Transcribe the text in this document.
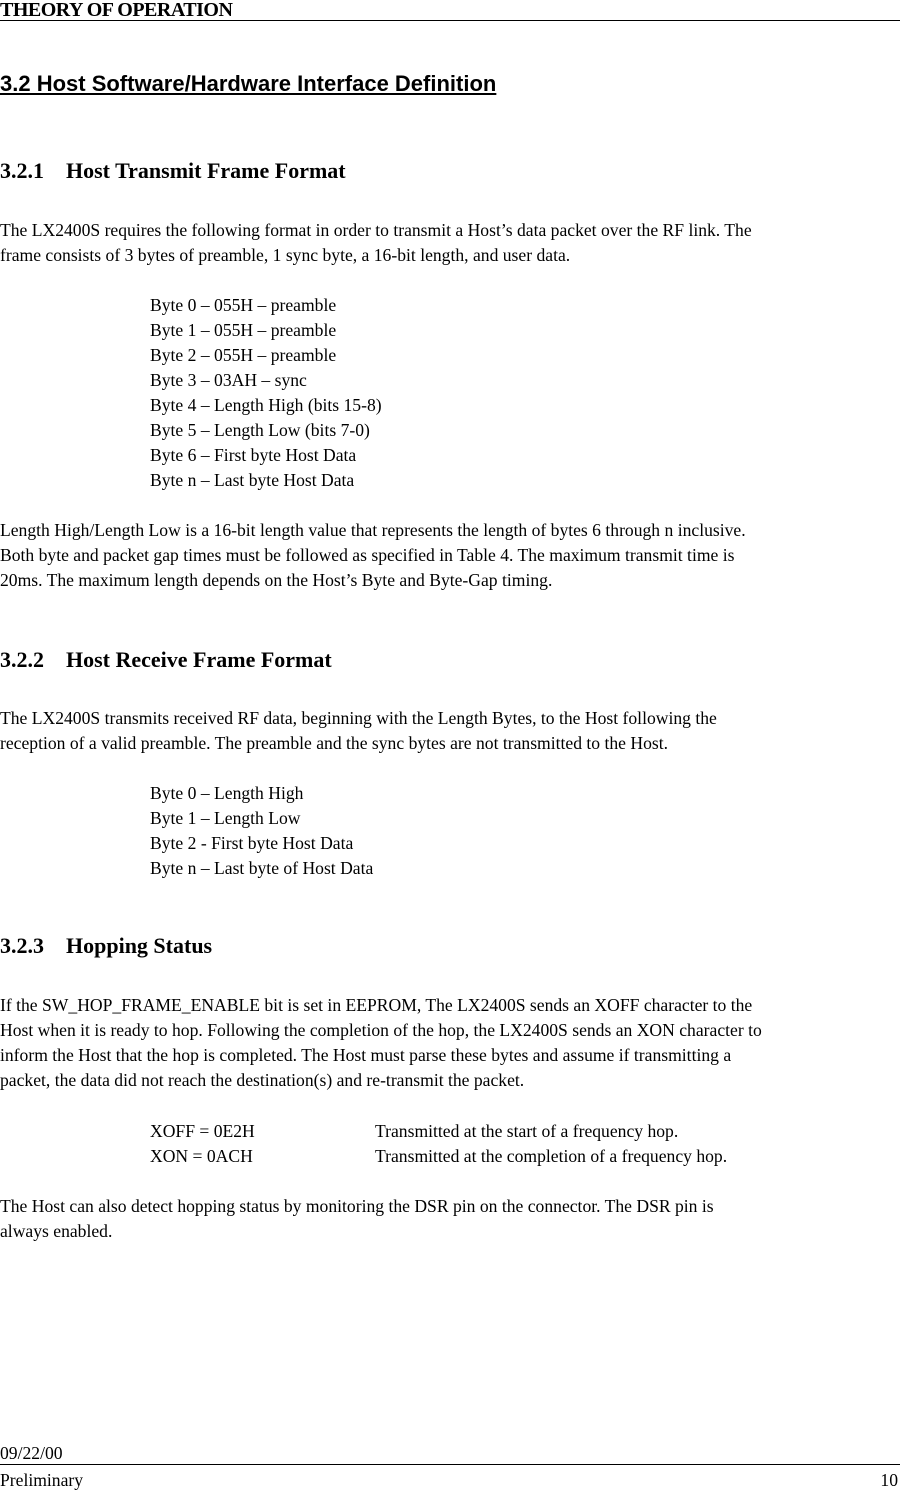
THEORY OF OPERATION
3.2 Host Software/Hardware Interface Definition
3.2.1 Host Transmit Frame Format
The LX2400S requires the following format in order to transmit a Host’s data packet over the RF link. The
frame consists of 3 bytes of preamble, 1 sync byte, a 16-bit length, and user data.
Byte 0 – 055H – preamble
Byte 1 – 055H – preamble
Byte 2 – 055H – preamble
Byte 3 – 03AH – sync
Byte 4 – Length High (bits 15-8)
Byte 5 – Length Low (bits 7-0)
Byte 6 – First byte Host Data
Byte n – Last byte Host Data
Length High/Length Low is a 16-bit length value that represents the length of bytes 6 through n inclusive.
Both byte and packet gap times must be followed as specified in Table 4. The maximum transmit time is
20ms. The maximum length depends on the Host’s Byte and Byte-Gap timing.
3.2.2 Host Receive Frame Format
The LX2400S transmits received RF data, beginning with the Length Bytes, to the Host following the
reception of a valid preamble. The preamble and the sync bytes are not transmitted to the Host.
Byte 0 – Length High
Byte 1 – Length Low
Byte 2 - First byte Host Data
Byte n – Last byte of Host Data
3.2.3 Hopping Status
If the SW_HOP_FRAME_ENABLE bit is set in EEPROM, The LX2400S sends an XOFF character to the
Host when it is ready to hop. Following the completion of the hop, the LX2400S sends an XON character to
inform the Host that the hop is completed. The Host must parse these bytes and assume if transmitting a
packet, the data did not reach the destination(s) and re-transmit the packet.
XOFF = 0E2H	Transmitted at the start of a frequency hop.
XON = 0ACH	Transmitted at the completion of a frequency hop.
The Host can also detect hopping status by monitoring the DSR pin on the connector. The DSR pin is
always enabled.
09/22/00
Preliminary	10
